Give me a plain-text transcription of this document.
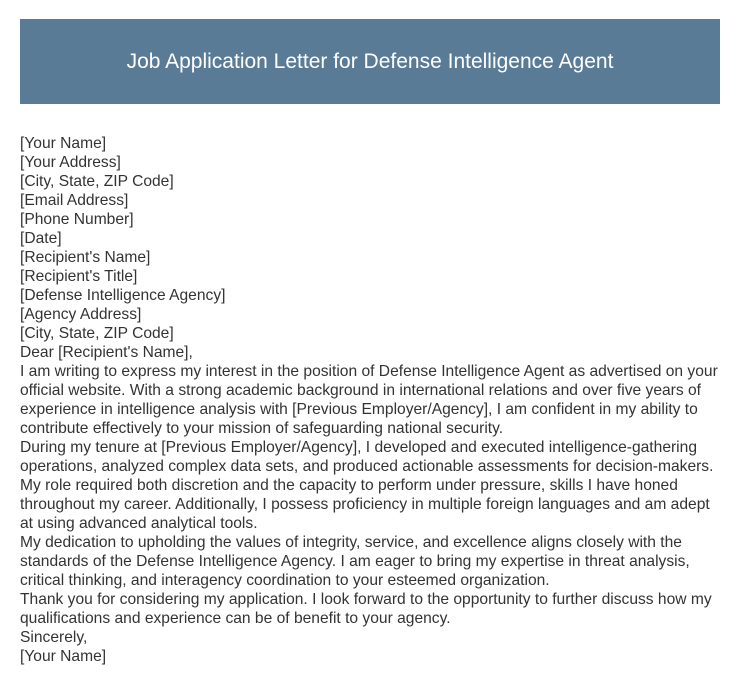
Job Application Letter for Defense Intelligence Agent
[Your Name]
[Your Address]
[City, State, ZIP Code]
[Email Address]
[Phone Number]
[Date]
[Recipient's Name]
[Recipient's Title]
[Defense Intelligence Agency]
[Agency Address]
[City, State, ZIP Code]
Dear [Recipient's Name],

I am writing to express my interest in the position of Defense Intelligence Agent as advertised on your official website. With a strong academic background in international relations and over five years of experience in intelligence analysis with [Previous Employer/Agency], I am confident in my ability to contribute effectively to your mission of safeguarding national security.

During my tenure at [Previous Employer/Agency], I developed and executed intelligence-gathering operations, analyzed complex data sets, and produced actionable assessments for decision-makers. My role required both discretion and the capacity to perform under pressure, skills I have honed throughout my career. Additionally, I possess proficiency in multiple foreign languages and am adept at using advanced analytical tools.

My dedication to upholding the values of integrity, service, and excellence aligns closely with the standards of the Defense Intelligence Agency. I am eager to bring my expertise in threat analysis, critical thinking, and interagency coordination to your esteemed organization.

Thank you for considering my application. I look forward to the opportunity to further discuss how my qualifications and experience can be of benefit to your agency.

Sincerely,
[Your Name]
